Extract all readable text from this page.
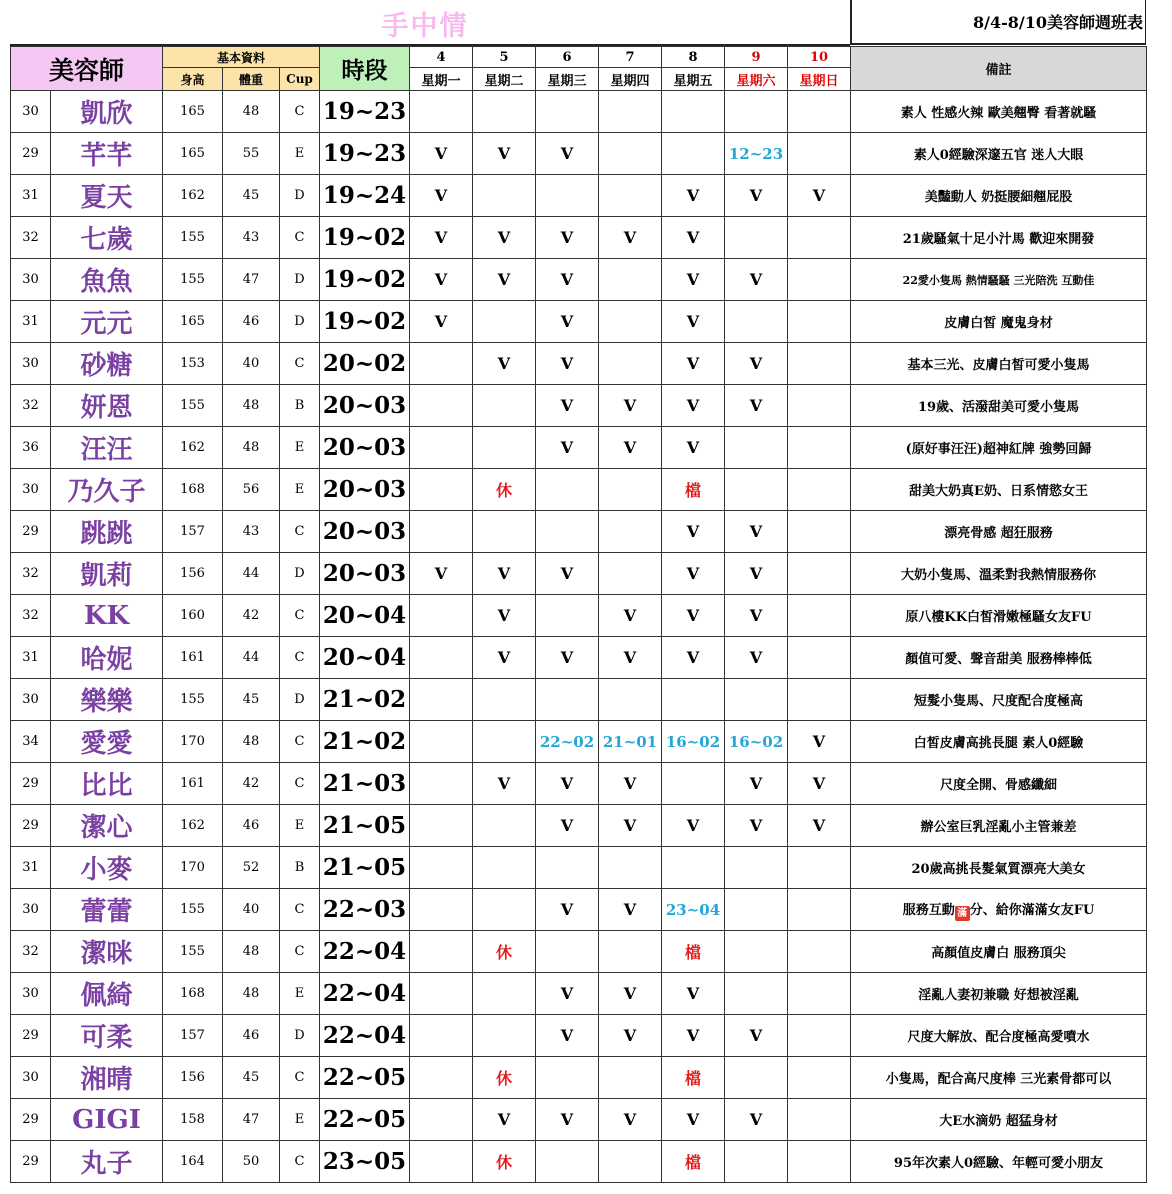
手中情	8/4-8/10美容師週班表
美容師		基本資料			時段	4	5	6	7	8	9	10	備註
		身高	體重	Cup		星期一	星期二	星期三	星期四	星期五	星期六	星期日	
30	凱欣	165	48	C	19~23								素人 性感火辣 歐美翹臀 看著就騷
29	芊芊	165	55	E	19~23	V	V	V			12~23		素人0經驗深邃五官 迷人大眼
31	夏天	162	45	D	19~24	V				V	V	V	美豔動人 奶挺腰細翹屁股
32	七歲	155	43	C	19~02	V	V	V	V	V			21歲騷氣十足小汁馬 歡迎來開發
30	魚魚	155	47	D	19~02	V	V	V		V	V		22愛小隻馬 熱情騷騷 三光陪洗 互動佳
31	元元	165	46	D	19~02	V		V		V			皮膚白皙 魔鬼身材
30	砂糖	153	40	C	20~02		V	V		V	V		基本三光、皮膚白皙可愛小隻馬
32	妍恩	155	48	B	20~03			V	V	V	V		19歲、活潑甜美可愛小隻馬
36	汪汪	162	48	E	20~03			V	V	V			(原好事汪汪)超神紅牌 強勢回歸
30	乃久子	168	56	E	20~03		休			檔			甜美大奶真E奶、日系情慾女王
29	跳跳	157	43	C	20~03					V	V		漂亮骨感 超狂服務
32	凱莉	156	44	D	20~03	V	V	V		V	V		大奶小隻馬、溫柔對我熱情服務你
32	KK	160	42	C	20~04		V		V	V	V		原八樓KK白皙滑嫩極騷女友FU
31	哈妮	161	44	C	20~04		V	V	V	V	V		顏值可愛、聲音甜美 服務棒棒低
30	樂樂	155	45	D	21~02								短髮小隻馬、尺度配合度極高
34	愛愛	170	48	C	21~02			22~02	21~01	16~02	16~02	V	白皙皮膚高挑長腿 素人0經驗
29	比比	161	42	C	21~03		V	V	V		V	V	尺度全開、骨感纖細
29	潔心	162	46	E	21~05			V	V	V	V	V	辦公室巨乳淫亂小主管兼差
31	小麥	170	52	B	21~05								20歲高挑長髮氣質漂亮大美女
30	蕾蕾	155	40	C	22~03			V	V	23~04			服務互動 滿 分、給你滿滿女友FU
32	潔咪	155	48	C	22~04		休			檔			高顏值皮膚白 服務頂尖
30	佩綺	168	48	E	22~04			V	V	V			淫亂人妻初兼職 好想被淫亂
29	可柔	157	46	D	22~04			V	V	V	V		尺度大解放、配合度極高愛噴水
30	湘晴	156	45	C	22~05		休			檔			小隻馬，配合高尺度棒 三光素骨都可以
29	GIGI	158	47	E	22~05		V	V	V	V	V		大E水滴奶 超猛身材
29	丸子	164	50	C	23~05		休			檔			95年次素人0經驗、年輕可愛小朋友
